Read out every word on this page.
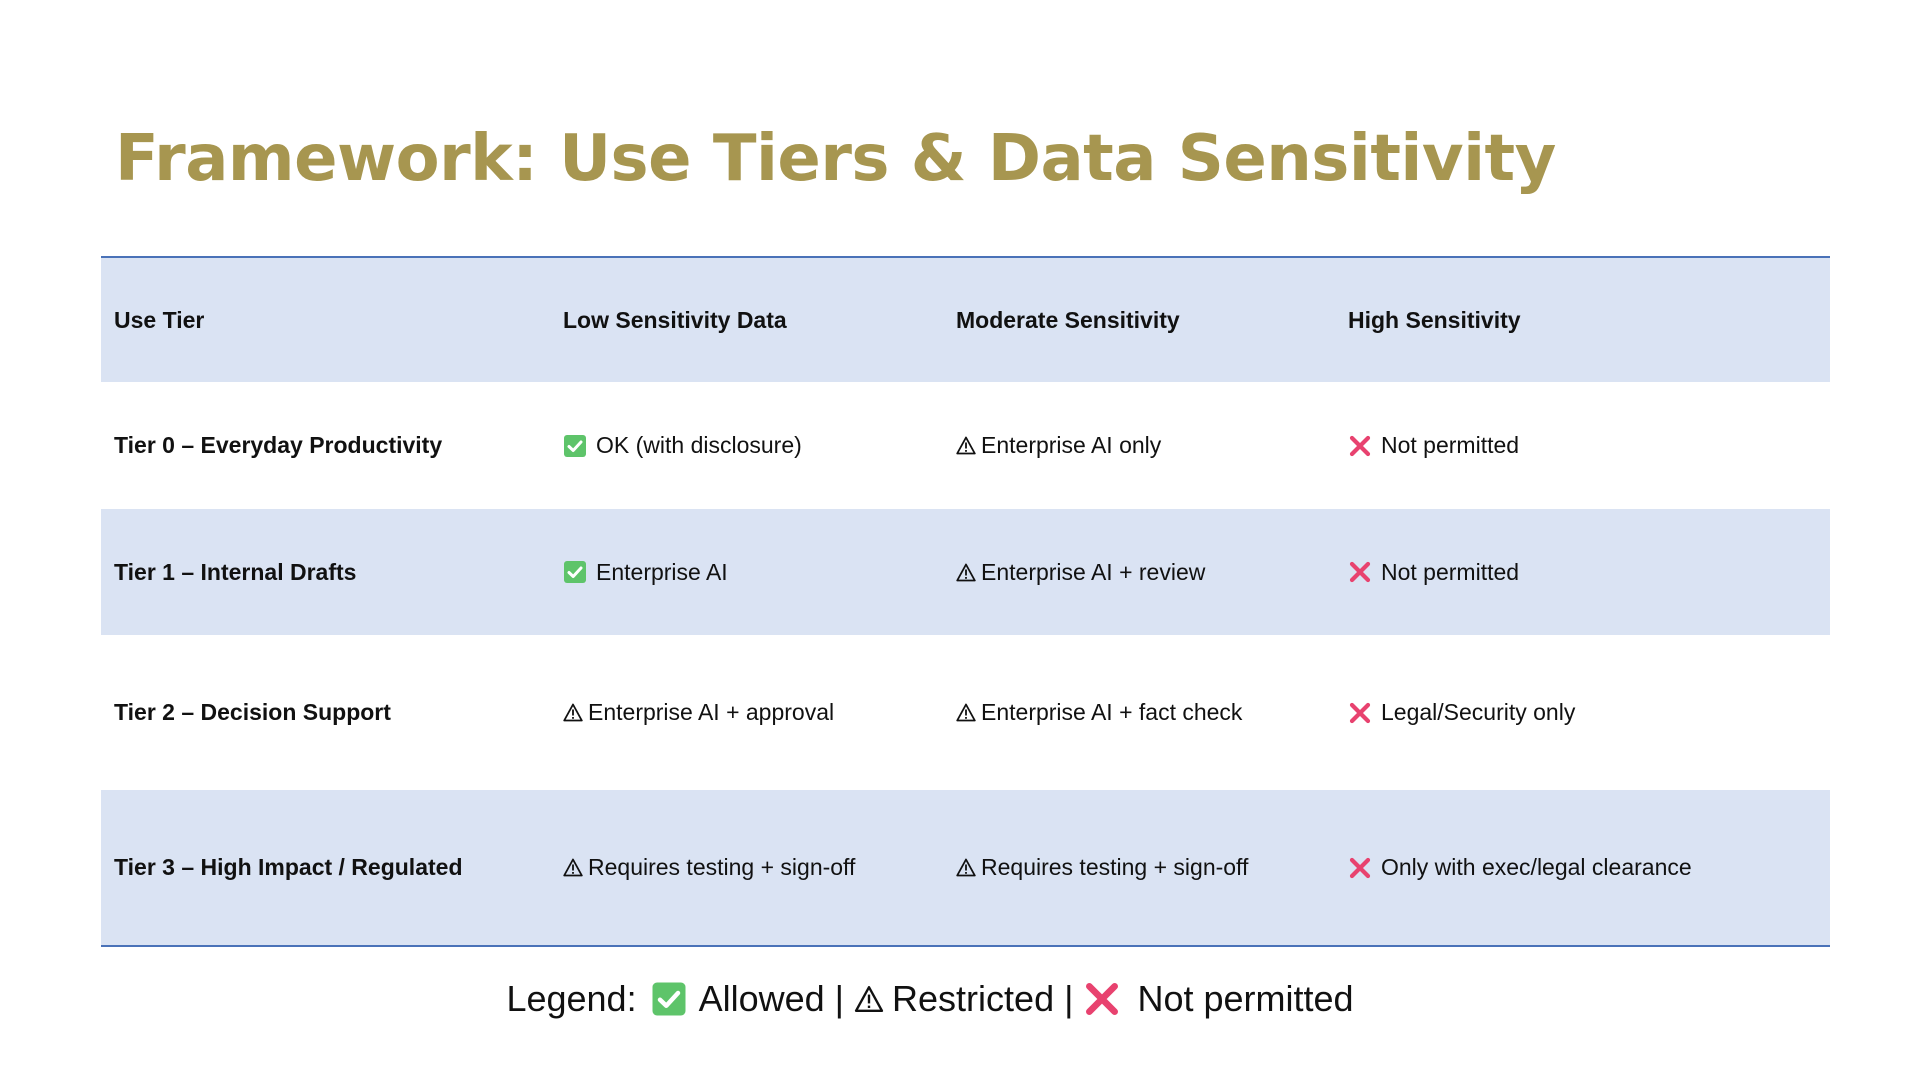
Framework: Use Tiers & Data Sensitivity
Use Tier	Low Sensitivity Data	Moderate Sensitivity	High Sensitivity
Tier 0 – Everyday Productivity	OK (with disclosure)	Enterprise AI only	Not permitted
Tier 1 – Internal Drafts	Enterprise AI	Enterprise AI + review	Not permitted
Tier 2 – Decision Support	Enterprise AI + approval	Enterprise AI + fact check	Legal/Security only
Tier 3 – High Impact / Regulated	Requires testing + sign-off	Requires testing + sign-off	Only with exec/legal clearance
Legend: Allowed | Restricted | Not permitted
